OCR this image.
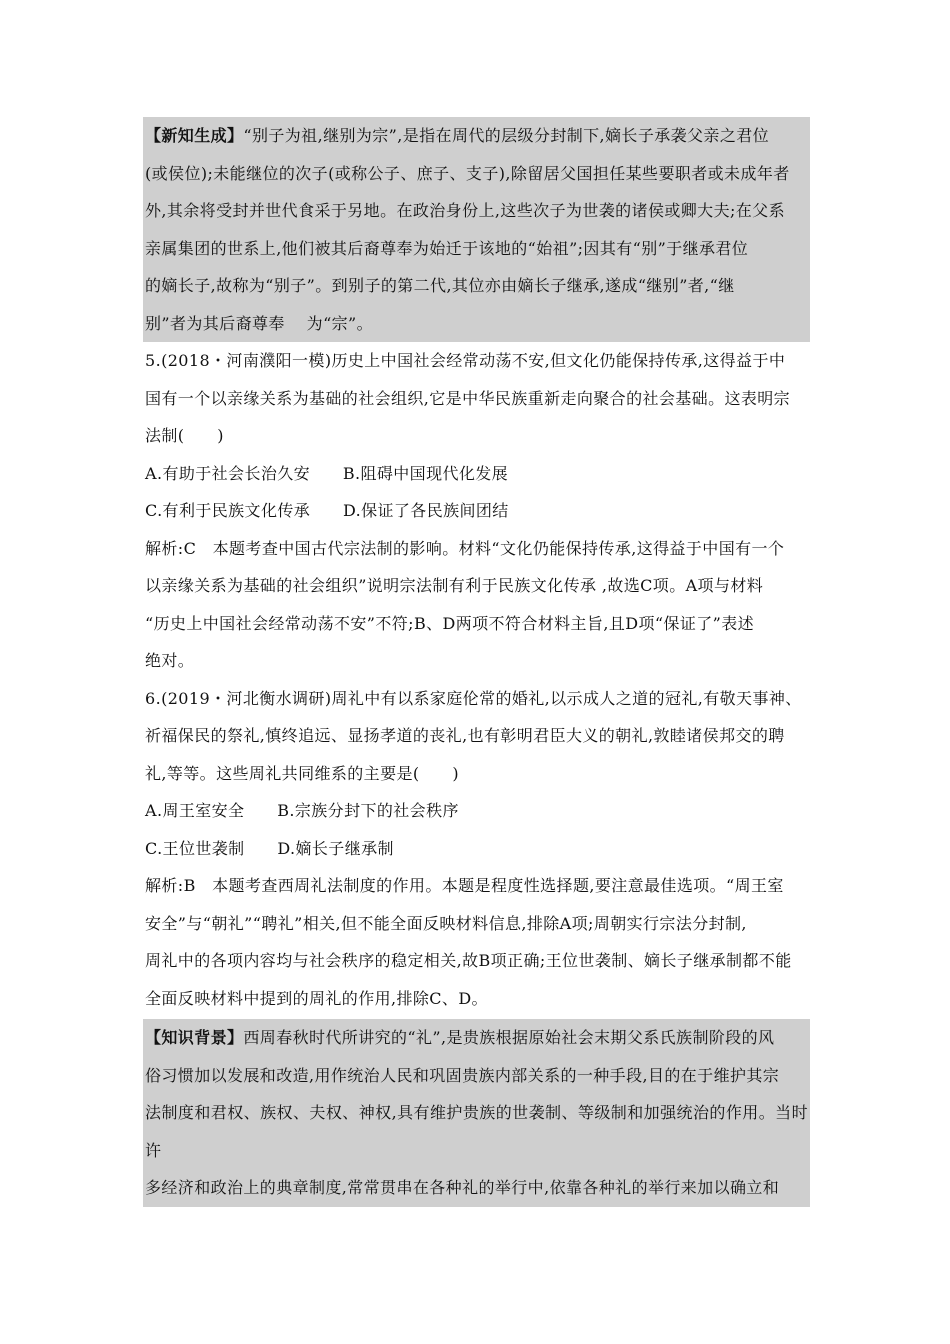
【新知生成】“别子为祖,继别为宗”,是指在周代的层级分封制下,嫡长子承袭父亲之君位

(或侯位);未能继位的次子(或称公子、庶子、支子),除留居父国担任某些要职者或未成年者

外,其余将受封并世代食采于另地。在政治身份上,这些次子为世袭的诸侯或卿大夫;在父系

亲属集团的世系上,他们被其后裔尊奉为始迁于该地的“始祖”;因其有“别”于继承君位

的嫡长子,故称为“别子”。到别子的第二代,其位亦由嫡长子继承,遂成“继别”者,“继

别”者为其后裔尊奉　 为“宗”。

5.(2018・河南濮阳一模)历史上中国社会经常动荡不安,但文化仍能保持传承,这得益于中

国有一个以亲缘关系为基础的社会组织,它是中华民族重新走向聚合的社会基础。这表明宗

法制(　　)

A.有助于社会长治久安　　B.阻碍中国现代化发展

C.有利于民族文化传承　　D.保证了各民族间团结

解析:C　本题考查中国古代宗法制的影响。材料“文化仍能保持传承,这得益于中国有一个

以亲缘关系为基础的社会组织”说明宗法制有利于民族文化传承 ,故选C项。A项与材料

“历史上中国社会经常动荡不安”不符;B、D两项不符合材料主旨,且D项“保证了”表述

绝对。

6.(2019・河北衡水调研)周礼中有以系家庭伦常的婚礼,以示成人之道的冠礼,有敬天事神、

祈福保民的祭礼,慎终追远、显扬孝道的丧礼,也有彰明君臣大义的朝礼,敦睦诸侯邦交的聘

礼,等等。这些周礼共同维系的主要是(　　)

A.周王室安全　　B.宗族分封下的社会秩序

C.王位世袭制　　D.嫡长子继承制

解析:B　本题考查西周礼法制度的作用。本题是程度性选择题,要注意最佳选项。“周王室

安全”与“朝礼”“聘礼”相关,但不能全面反映材料信息,排除A项;周朝实行宗法分封制,

周礼中的各项内容均与社会秩序的稳定相关,故B项正确;王位世袭制、嫡长子继承制都不能

全面反映材料中提到的周礼的作用,排除C、D。

【知识背景】西周春秋时代所讲究的“礼”,是贵族根据原始社会末期父系氏族制阶段的风

俗习惯加以发展和改造,用作统治人民和巩固贵族内部关系的一种手段,目的在于维护其宗

法制度和君权、族权、夫权、神权,具有维护贵族的世袭制、等级制和加强统治的作用。当时许

多经济和政治上的典章制度,常常贯串在各种礼的举行中,依靠各种礼的举行来加以确立和
